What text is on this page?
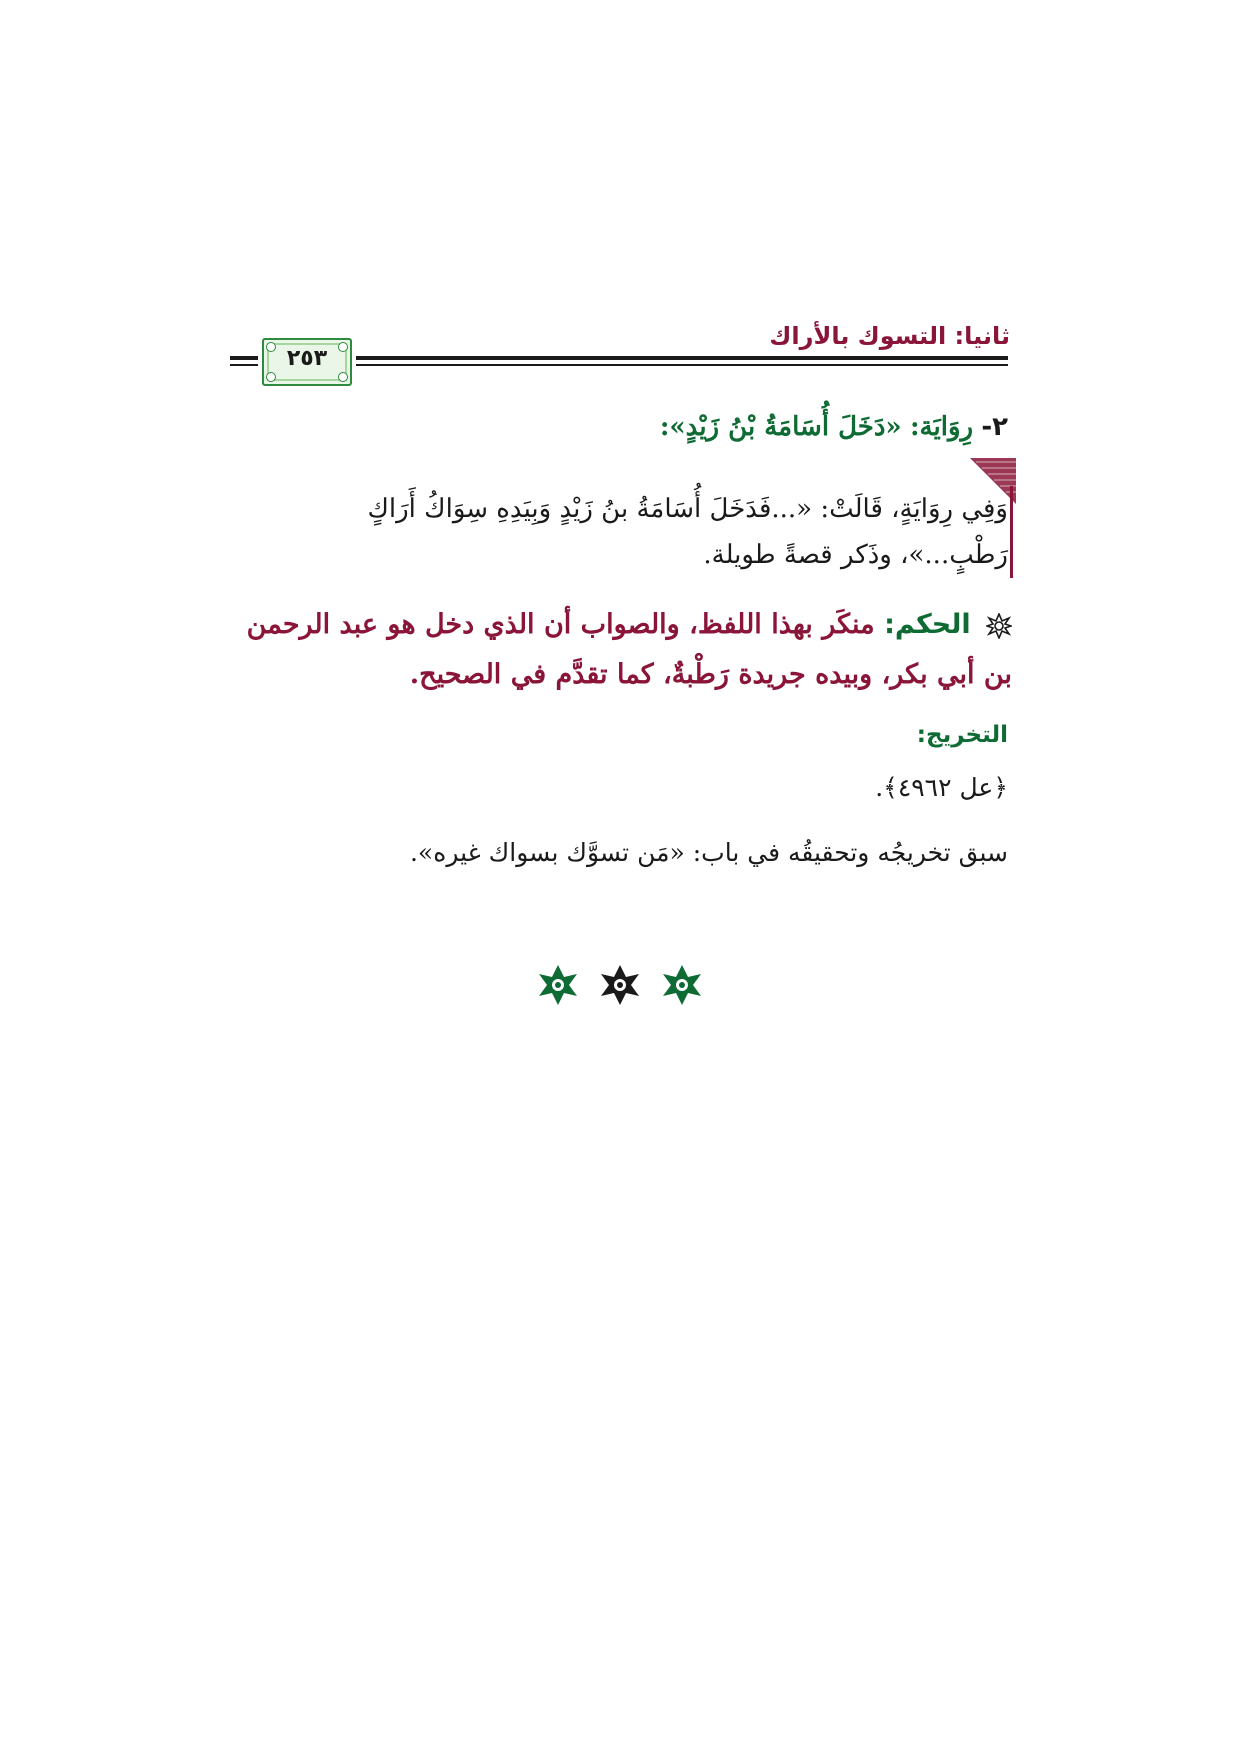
ثانيا: التسوك بالأراك
٢٥٣
٢- رِوَايَة: «دَخَلَ أُسَامَةُ بْنُ زَيْدٍ»:
وَفِي رِوَايَةٍ، قَالَتْ: «...فَدَخَلَ أُسَامَةُ بنُ زَيْدٍ وَبِيَدِهِ سِوَاكُ أَرَاكٍ رَطْبٍ...»، وذَكر قصةً طويلة.
الحكم: منكَر بهذا اللفظ، والصواب أن الذي دخل هو عبد الرحمن بن أبي بكر، وبيده جريدة رَطْبةٌ، كما تقدَّم في الصحيح.
التخريج:
﴿عل ٤٩٦٢﴾.
سبق تخريجُه وتحقيقُه في باب: «مَن تسوَّك بسواك غيره».
